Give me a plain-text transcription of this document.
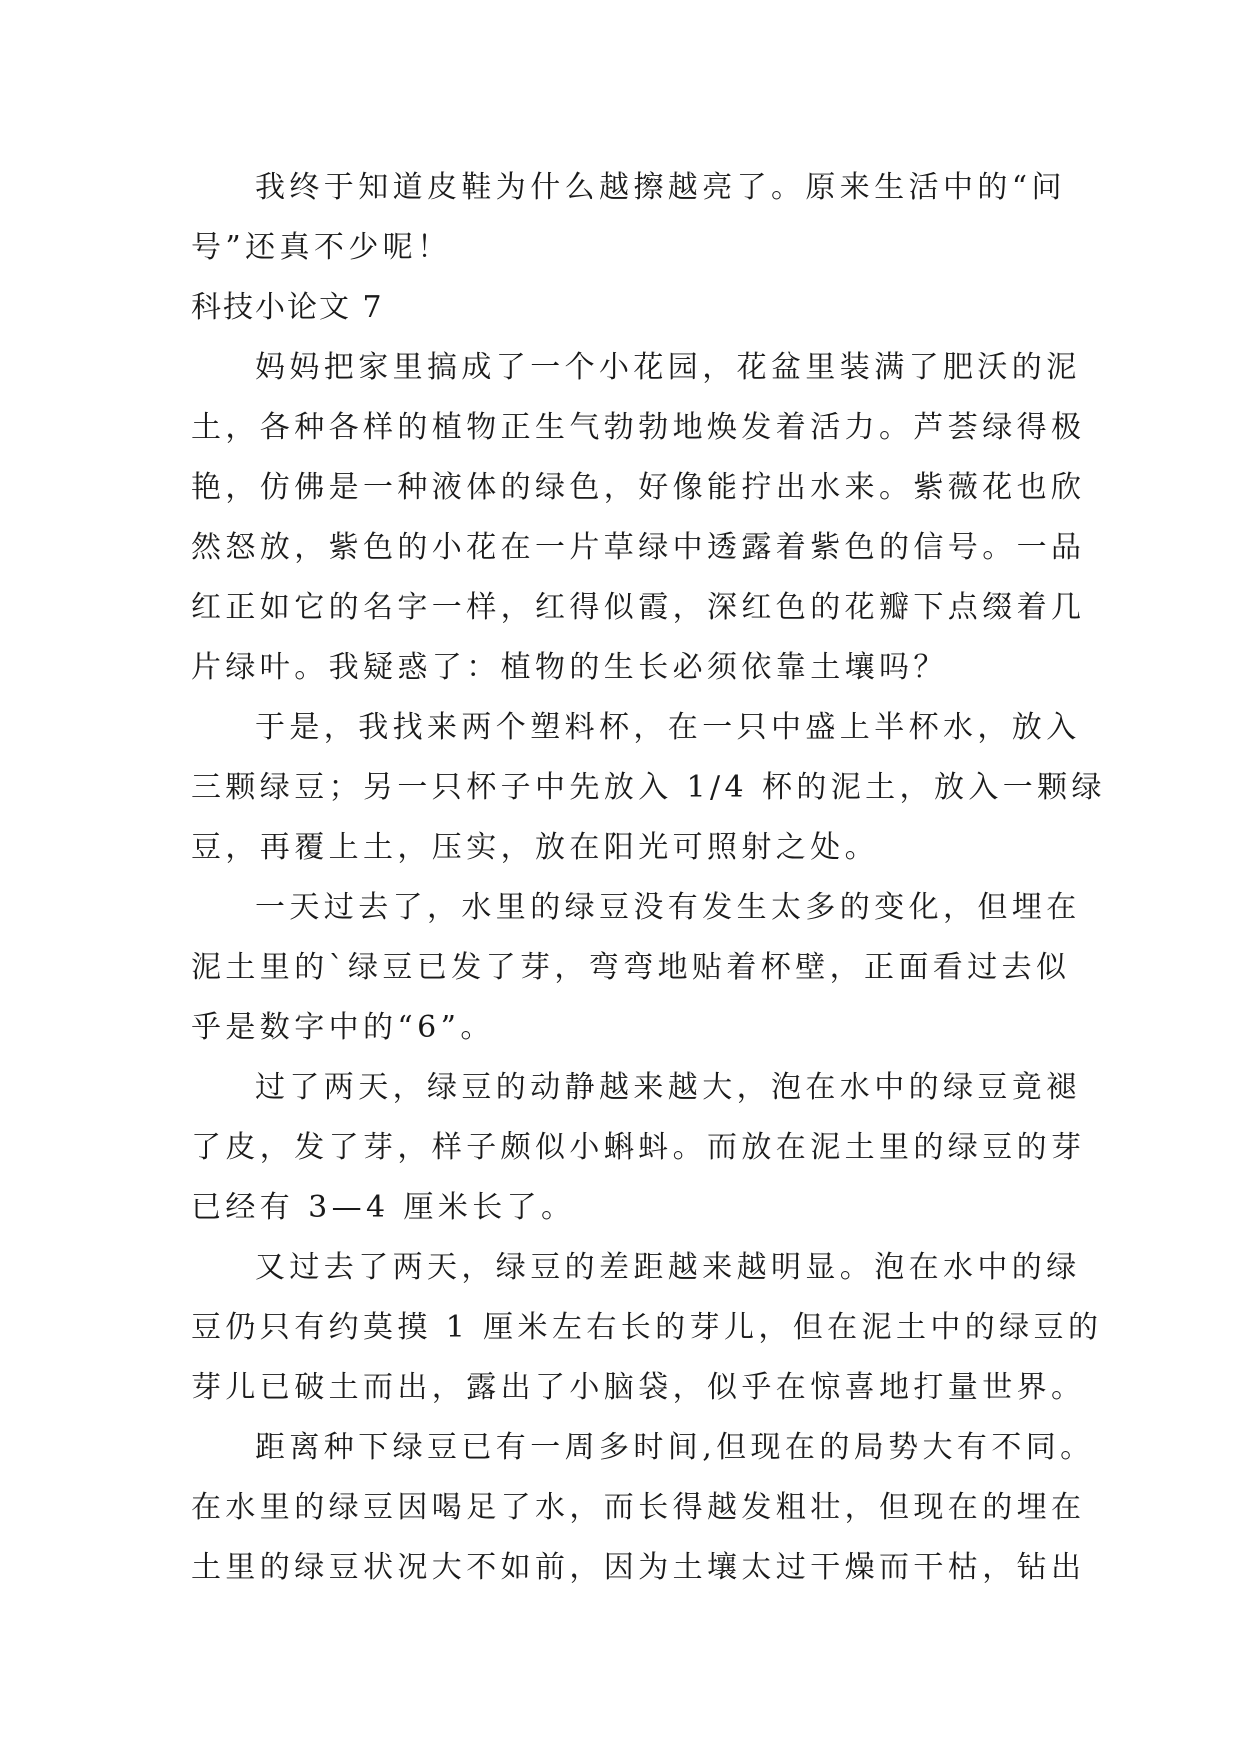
我终于知道皮鞋为什么越擦越亮了。原来生活中的“问
号”还真不少呢！
科技小论文 7
妈妈把家里搞成了一个小花园，花盆里装满了肥沃的泥
土，各种各样的植物正生气勃勃地焕发着活力。芦荟绿得极
艳，仿佛是一种液体的绿色，好像能拧出水来。紫薇花也欣
然怒放，紫色的小花在一片草绿中透露着紫色的信号。一品
红正如它的名字一样，红得似霞，深红色的花瓣下点缀着几
片绿叶。我疑惑了：植物的生长必须依靠土壤吗？
于是，我找来两个塑料杯，在一只中盛上半杯水，放入
三颗绿豆；另一只杯子中先放入 1/4 杯的泥土，放入一颗绿
豆，再覆上土，压实，放在阳光可照射之处。
一天过去了，水里的绿豆没有发生太多的变化，但埋在
泥土里的`绿豆已发了芽，弯弯地贴着杯壁，正面看过去似
乎是数字中的“6”。
过了两天，绿豆的动静越来越大，泡在水中的绿豆竟褪
了皮，发了芽，样子颇似小蝌蚪。而放在泥土里的绿豆的芽
已经有 3—4 厘米长了。
又过去了两天，绿豆的差距越来越明显。泡在水中的绿
豆仍只有约莫摸 1 厘米左右长的芽儿，但在泥土中的绿豆的
芽儿已破土而出，露出了小脑袋，似乎在惊喜地打量世界。
距离种下绿豆已有一周多时间,但现在的局势大有不同。
在水里的绿豆因喝足了水，而长得越发粗壮，但现在的埋在
土里的绿豆状况大不如前，因为土壤太过干燥而干枯，钻出
